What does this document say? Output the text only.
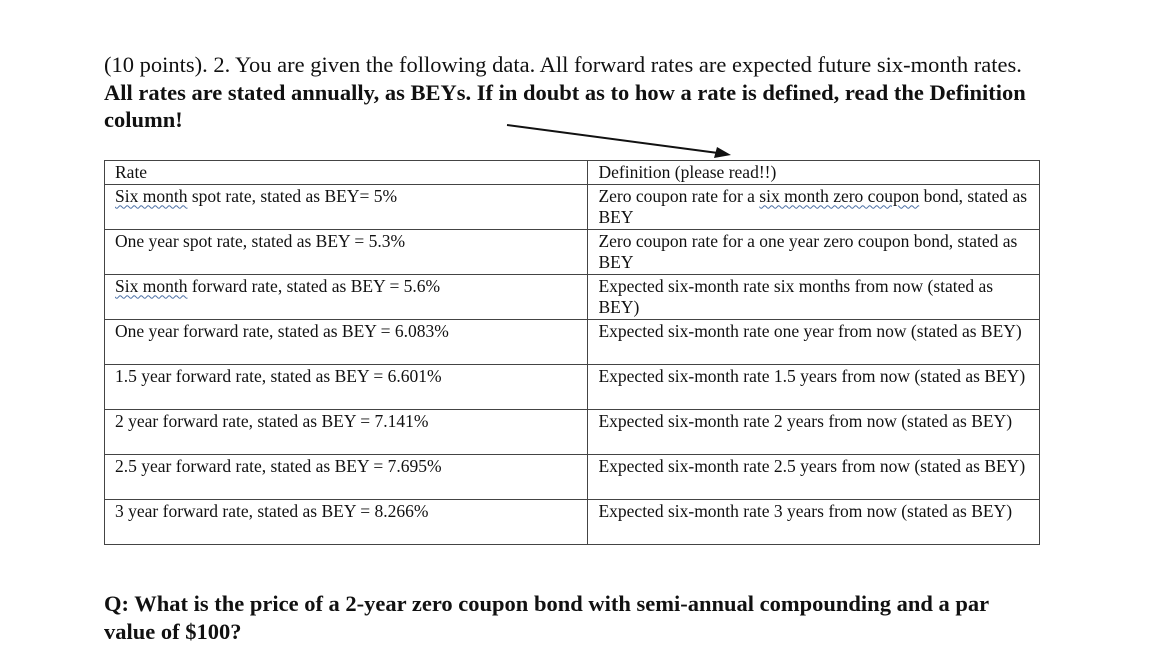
(10 points). 2. You are given the following data. All forward rates are expected future six-month rates. All rates are stated annually, as BEYs. If in doubt as to how a rate is defined, read the Definition column!
Rate	Definition (please read!!)
Six month spot rate, stated as BEY= 5%	Zero coupon rate for a six month zero coupon bond, stated as BEY
One year spot rate, stated as BEY = 5.3%	Zero coupon rate for a one year zero coupon bond, stated as BEY
Six month forward rate, stated as BEY = 5.6%	Expected six-month rate six months from now (stated as BEY)
One year forward rate, stated as BEY = 6.083%	Expected six-month rate one year from now (stated as BEY)
1.5 year forward rate, stated as BEY = 6.601%	Expected six-month rate 1.5 years from now (stated as BEY)
2 year forward rate, stated as BEY = 7.141%	Expected six-month rate 2 years from now (stated as BEY)
2.5 year forward rate, stated as BEY = 7.695%	Expected six-month rate 2.5 years from now (stated as BEY)
3 year forward rate, stated as BEY = 8.266%	Expected six-month rate 3 years from now (stated as BEY)
Q: What is the price of a 2-year zero coupon bond with semi-annual compounding and a par value of $100?
